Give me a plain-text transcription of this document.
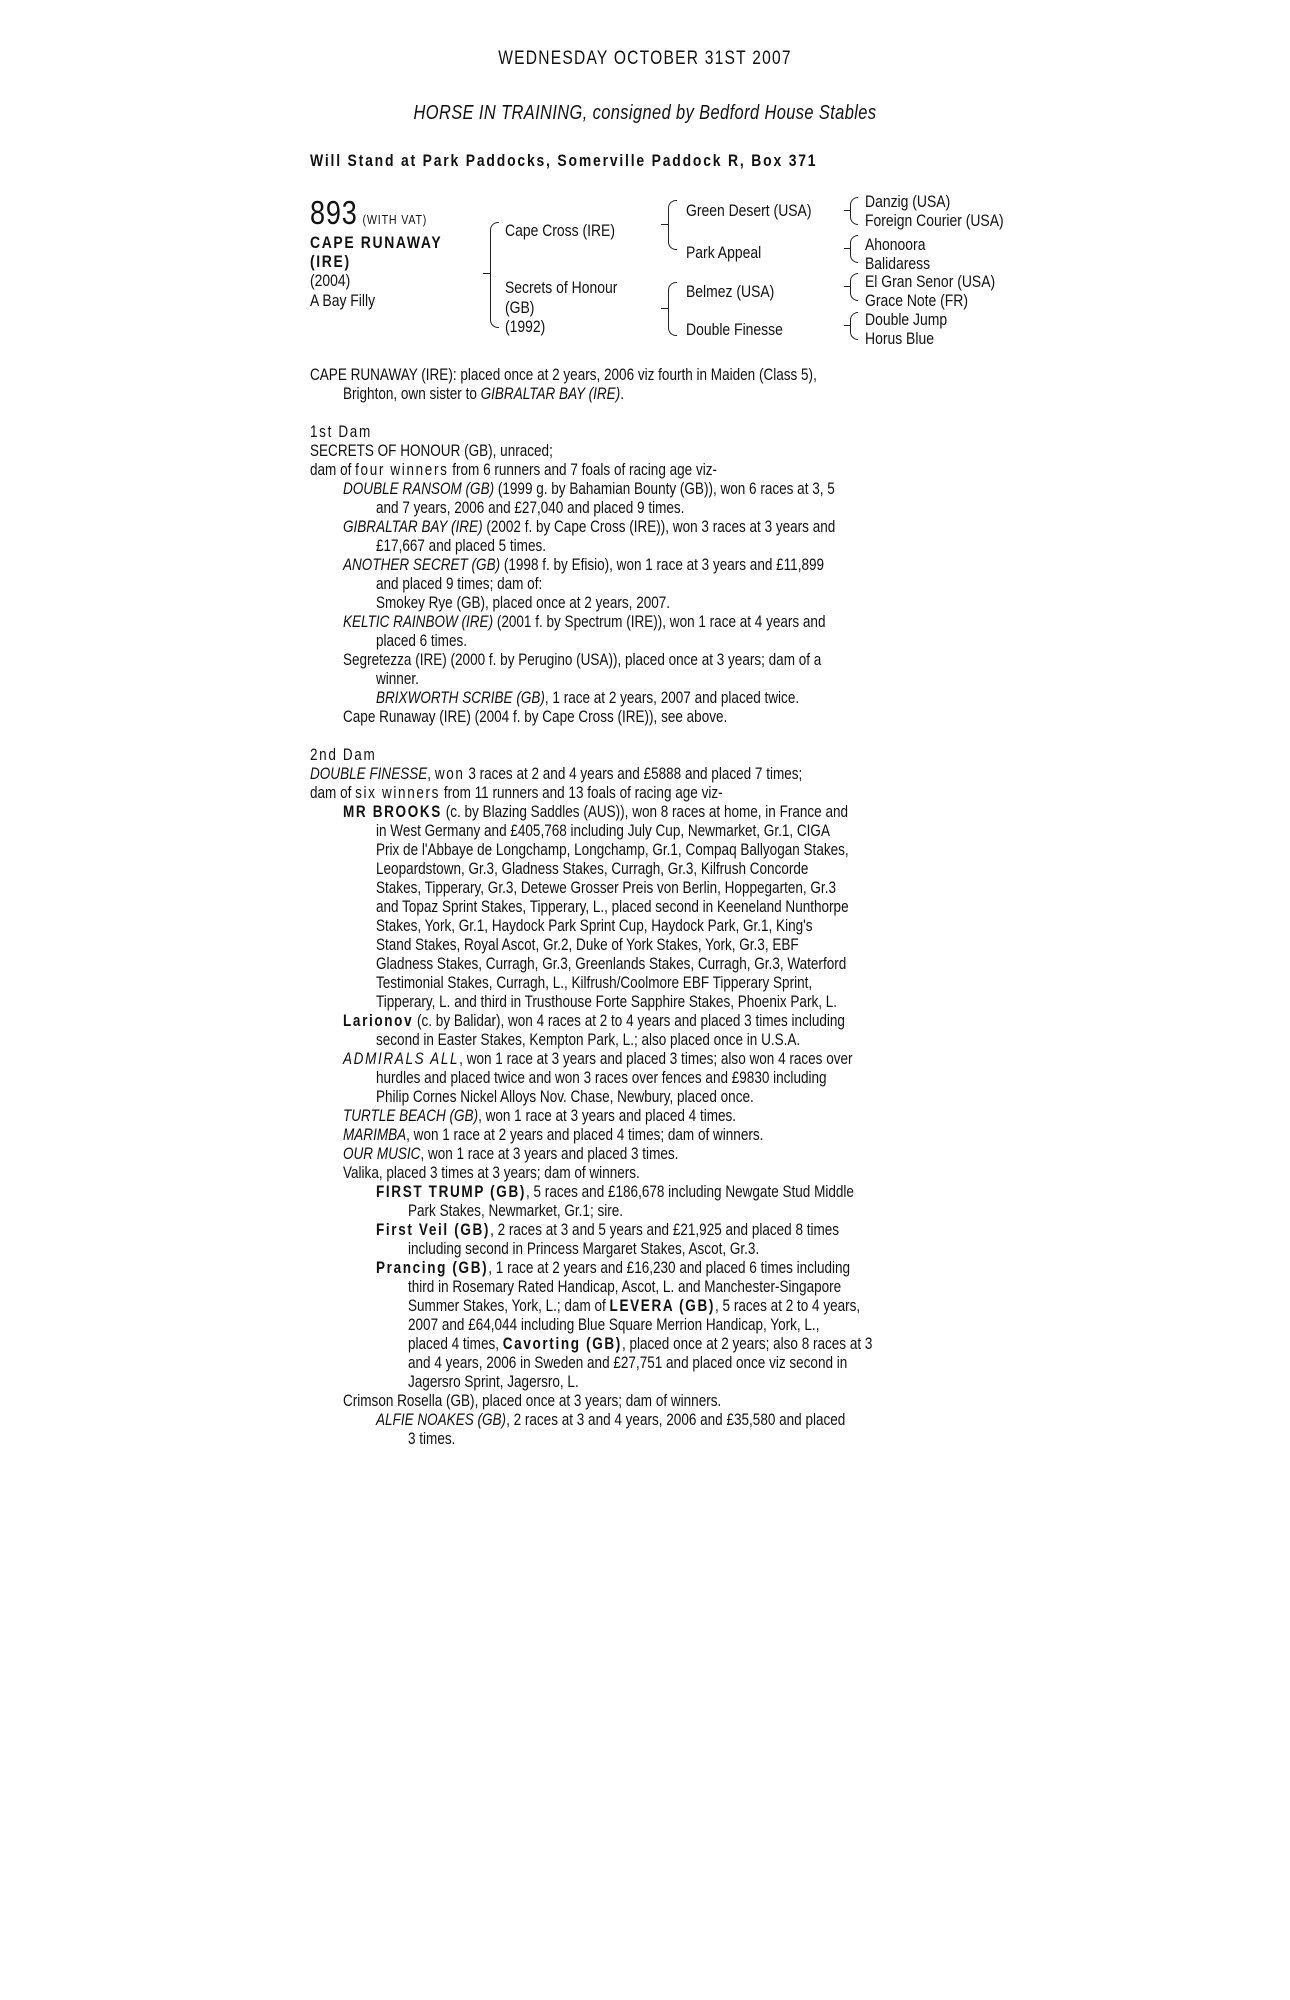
WEDNESDAY OCTOBER 31ST 2007
HORSE IN TRAINING, consigned by Bedford House Stables
Will Stand at Park Paddocks, Somerville Paddock R, Box 371
893 (WITH VAT)
CAPE RUNAWAY
(IRE)
(2004)
A Bay Filly
Cape Cross (IRE)
Secrets of Honour
(GB)
(1992)
Green Desert (USA)
Park Appeal
Belmez (USA)
Double Finesse
Danzig (USA)
Foreign Courier (USA)
Ahonoora
Balidaress
El Gran Senor (USA)
Grace Note (FR)
Double Jump
Horus Blue
CAPE RUNAWAY (IRE): placed once at 2 years, 2006 viz fourth in Maiden (Class 5),
Brighton, own sister to GIBRALTAR BAY (IRE).
1st Dam
SECRETS OF HONOUR (GB), unraced;
dam of four winners from 6 runners and 7 foals of racing age viz-
DOUBLE RANSOM (GB) (1999 g. by Bahamian Bounty (GB)), won 6 races at 3, 5
and 7 years, 2006 and £27,040 and placed 9 times.
GIBRALTAR BAY (IRE) (2002 f. by Cape Cross (IRE)), won 3 races at 3 years and
£17,667 and placed 5 times.
ANOTHER SECRET (GB) (1998 f. by Efisio), won 1 race at 3 years and £11,899
and placed 9 times; dam of:
Smokey Rye (GB), placed once at 2 years, 2007.
KELTIC RAINBOW (IRE) (2001 f. by Spectrum (IRE)), won 1 race at 4 years and
placed 6 times.
Segretezza (IRE) (2000 f. by Perugino (USA)), placed once at 3 years; dam of a
winner.
BRIXWORTH SCRIBE (GB), 1 race at 2 years, 2007 and placed twice.
Cape Runaway (IRE) (2004 f. by Cape Cross (IRE)), see above.
2nd Dam
DOUBLE FINESSE, won 3 races at 2 and 4 years and £5888 and placed 7 times;
dam of six winners from 11 runners and 13 foals of racing age viz-
MR BROOKS (c. by Blazing Saddles (AUS)), won 8 races at home, in France and
in West Germany and £405,768 including July Cup, Newmarket, Gr.1, CIGA
Prix de l'Abbaye de Longchamp, Longchamp, Gr.1, Compaq Ballyogan Stakes,
Leopardstown, Gr.3, Gladness Stakes, Curragh, Gr.3, Kilfrush Concorde
Stakes, Tipperary, Gr.3, Detewe Grosser Preis von Berlin, Hoppegarten, Gr.3
and Topaz Sprint Stakes, Tipperary, L., placed second in Keeneland Nunthorpe
Stakes, York, Gr.1, Haydock Park Sprint Cup, Haydock Park, Gr.1, King's
Stand Stakes, Royal Ascot, Gr.2, Duke of York Stakes, York, Gr.3, EBF
Gladness Stakes, Curragh, Gr.3, Greenlands Stakes, Curragh, Gr.3, Waterford
Testimonial Stakes, Curragh, L., Kilfrush/Coolmore EBF Tipperary Sprint,
Tipperary, L. and third in Trusthouse Forte Sapphire Stakes, Phoenix Park, L.
Larionov (c. by Balidar), won 4 races at 2 to 4 years and placed 3 times including
second in Easter Stakes, Kempton Park, L.; also placed once in U.S.A.
ADMIRALS ALL, won 1 race at 3 years and placed 3 times; also won 4 races over
hurdles and placed twice and won 3 races over fences and £9830 including
Philip Cornes Nickel Alloys Nov. Chase, Newbury, placed once.
TURTLE BEACH (GB), won 1 race at 3 years and placed 4 times.
MARIMBA, won 1 race at 2 years and placed 4 times; dam of winners.
OUR MUSIC, won 1 race at 3 years and placed 3 times.
Valika, placed 3 times at 3 years; dam of winners.
FIRST TRUMP (GB), 5 races and £186,678 including Newgate Stud Middle
Park Stakes, Newmarket, Gr.1; sire.
First Veil (GB), 2 races at 3 and 5 years and £21,925 and placed 8 times
including second in Princess Margaret Stakes, Ascot, Gr.3.
Prancing (GB), 1 race at 2 years and £16,230 and placed 6 times including
third in Rosemary Rated Handicap, Ascot, L. and Manchester-Singapore
Summer Stakes, York, L.; dam of LEVERA (GB), 5 races at 2 to 4 years,
2007 and £64,044 including Blue Square Merrion Handicap, York, L.,
placed 4 times, Cavorting (GB), placed once at 2 years; also 8 races at 3
and 4 years, 2006 in Sweden and £27,751 and placed once viz second in
Jagersro Sprint, Jagersro, L.
Crimson Rosella (GB), placed once at 3 years; dam of winners.
ALFIE NOAKES (GB), 2 races at 3 and 4 years, 2006 and £35,580 and placed
3 times.
